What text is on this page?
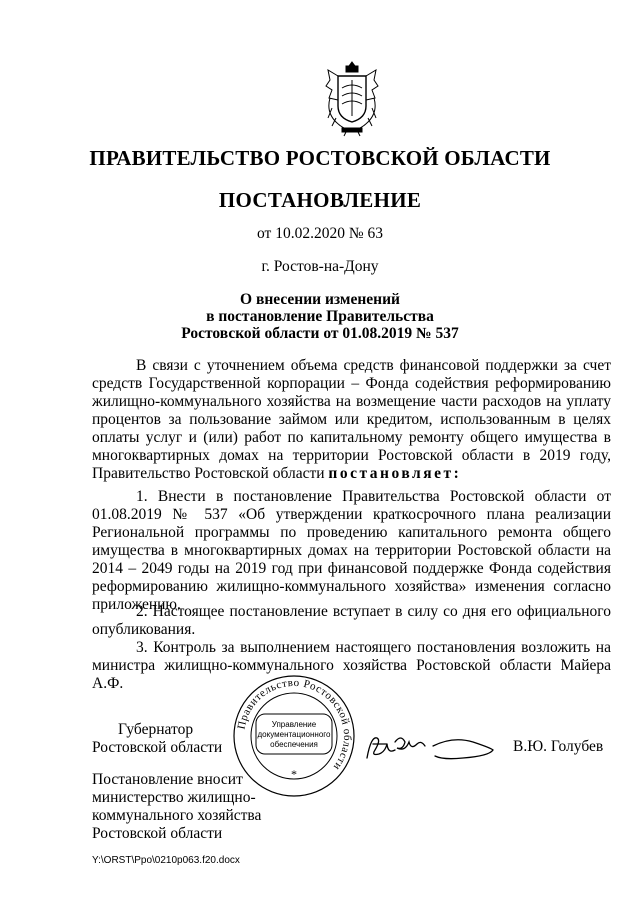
ПРАВИТЕЛЬСТВО РОСТОВСКОЙ ОБЛАСТИ
ПОСТАНОВЛЕНИЕ
от 10.02.2020 № 63
г. Ростов-на-Дону
О внесении изменений
в постановление Правительства
Ростовской области от 01.08.2019 № 537
В связи с уточнением объема средств финансовой поддержки за счет средств Государственной корпорации – Фонда содействия реформированию жилищно-коммунального хозяйства на возмещение части расходов на уплату процентов за пользование займом или кредитом, использованным в целях оплаты услуг и (или) работ по капитальному ремонту общего имущества в многоквартирных домах на территории Ростовской области в 2019 году, Правительство Ростовской области постановляет:
1. Внести в постановление Правительства Ростовской области от 01.08.2019 № 537 «Об утверждении краткосрочного плана реализации Региональной программы по проведению капитального ремонта общего имущества в многоквартирных домах на территории Ростовской области на 2014 – 2049 годы на 2019 год при финансовой поддержке Фонда содействия реформированию жилищно-коммунального хозяйства» изменения согласно приложению.
2. Настоящее постановление вступает в силу со дня его официального опубликования.
3. Контроль за выполнением настоящего постановления возложить на министра жилищно-коммунального хозяйства Ростовской области Майера А.Ф.
Губернатор
Ростовской области
Правительство Ростовской области
Управление
документационного
обеспечения
*
В.Ю. Голубев
Постановление вносит
министерство жилищно-
коммунального хозяйства
Ростовской области
Y:\ORST\Ppo\0210p063.f20.docx
